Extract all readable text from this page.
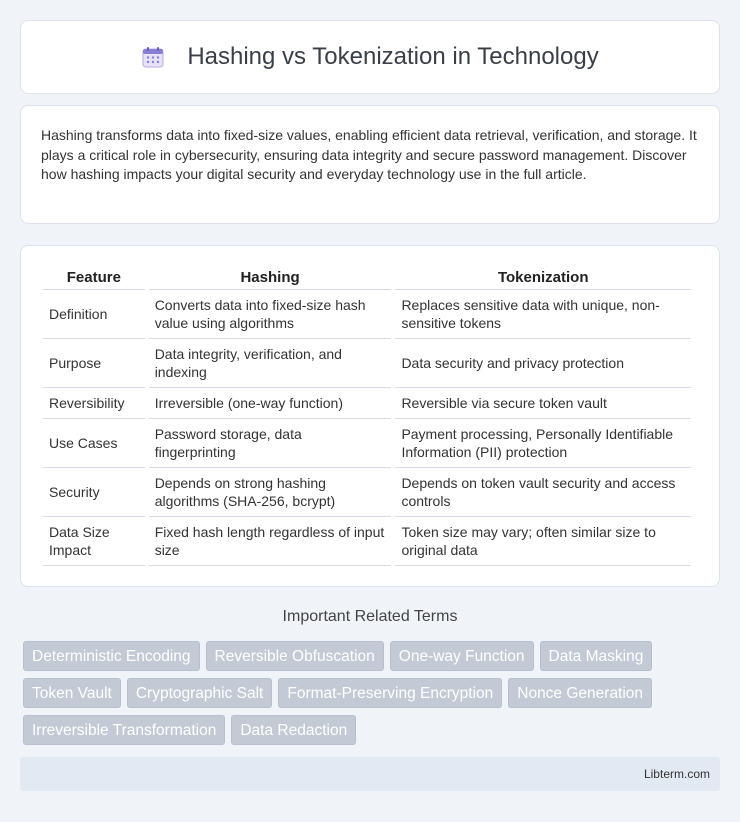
Hashing vs Tokenization in Technology

Hashing transforms data into fixed-size values, enabling efficient data retrieval, verification, and storage. It plays a critical role in cybersecurity, ensuring data integrity and secure password management. Discover how hashing impacts your digital security and everyday technology use in the full article.

Feature	Hashing	Tokenization
Definition	Converts data into fixed-size hash value using algorithms	Replaces sensitive data with unique, non-sensitive tokens
Purpose	Data integrity, verification, and indexing	Data security and privacy protection
Reversibility	Irreversible (one-way function)	Reversible via secure token vault
Use Cases	Password storage, data fingerprinting	Payment processing, Personally Identifiable Information (PII) protection
Security	Depends on strong hashing algorithms (SHA-256, bcrypt)	Depends on token vault security and access controls
Data Size Impact	Fixed hash length regardless of input size	Token size may vary; often similar size to original data
Important Related Terms
Deterministic Encoding	Reversible Obfuscation	One-way Function	Data Masking
Token Vault	Cryptographic Salt	Format-Preserving Encryption	Nonce Generation
Irreversible Transformation	Data Redaction
Libterm.com
